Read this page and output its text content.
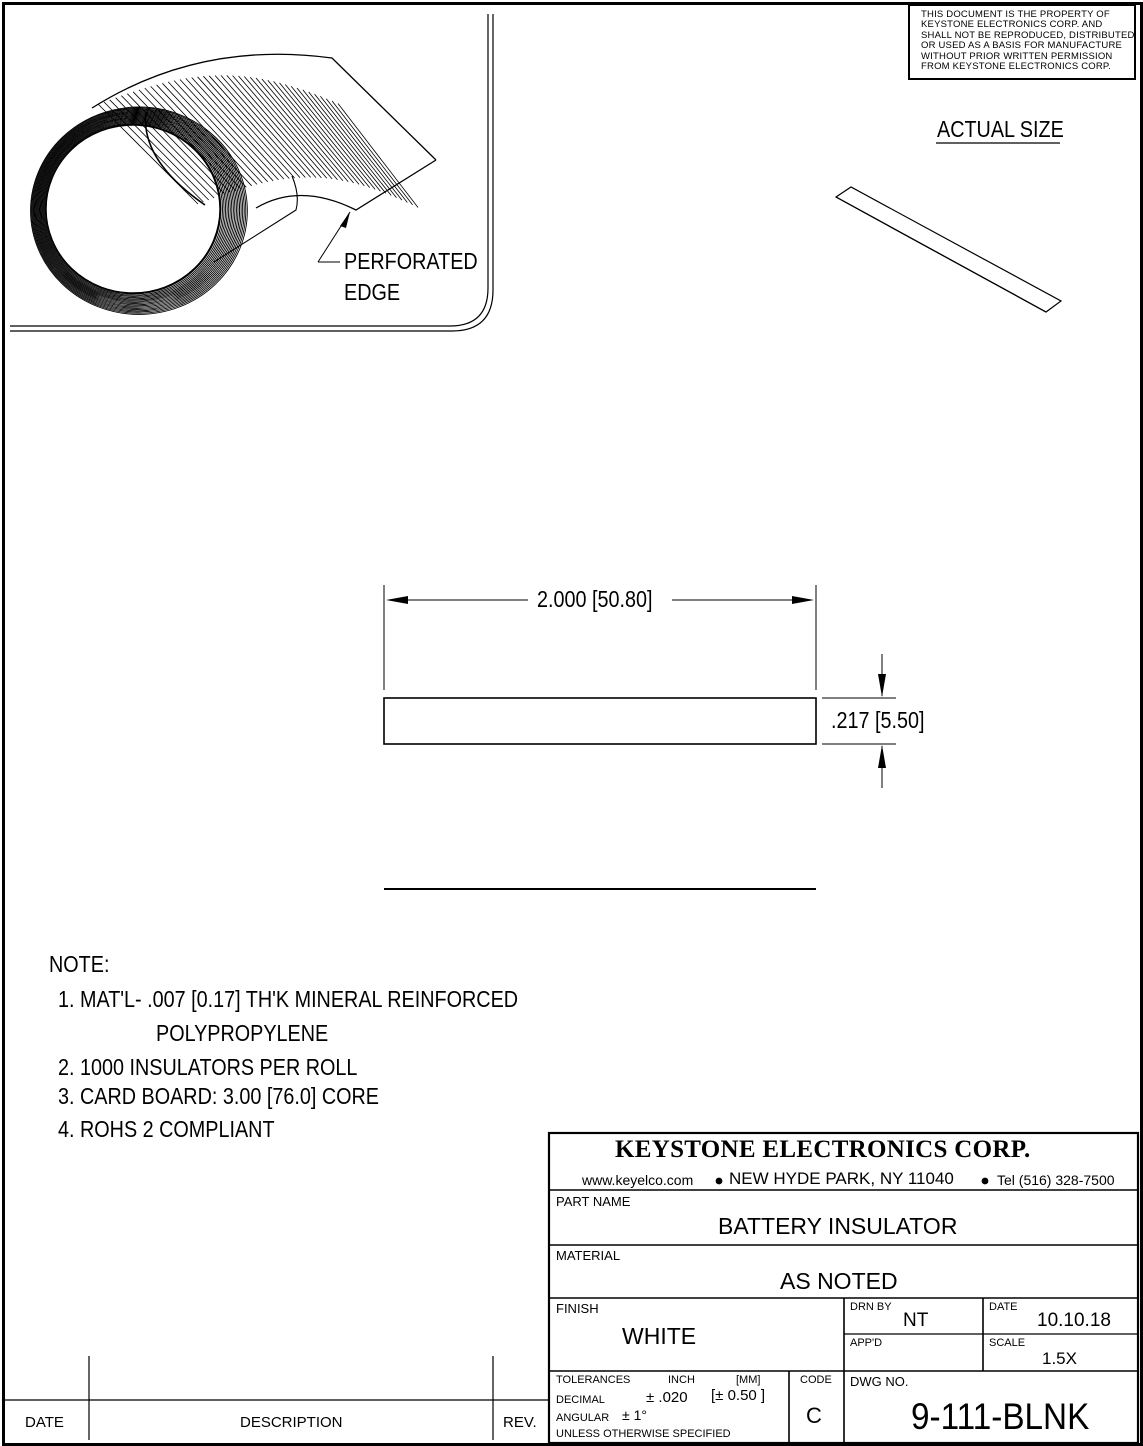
THIS DOCUMENT IS THE PROPERTY OF
KEYSTONE ELECTRONICS CORP. AND
SHALL NOT BE REPRODUCED, DISTRIBUTED
OR USED AS A BASIS FOR MANUFACTURE
WITHOUT PRIOR WRITTEN PERMISSION
FROM KEYSTONE ELECTRONICS CORP.
PERFORATED
EDGE
ACTUAL SIZE
2.000 [50.80]
.217 [5.50]
NOTE:
1. MAT'L- .007 [0.17] TH'K MINERAL REINFORCED
POLYPROPYLENE
2. 1000 INSULATORS PER ROLL
3. CARD BOARD: 3.00 [76.0] CORE
4. ROHS 2 COMPLIANT
DATE	DESCRIPTION	REV.
KEYSTONE ELECTRONICS CORP.
www.keyelco.com NEW HYDE PARK, NY 11040	Tel (516) 328-7500
PART NAME
BATTERY INSULATOR
MATERIAL
AS NOTED
FINISH
WHITE
DRN BY
NT
DATE
10.10.18
APP'D	SCALE
1.5X
TOLERANCES	INCH	[MM]
DECIMAL	± .020 [± 0.50 ]
ANGULAR ± 1°
UNLESS OTHERWISE SPECIFIED
CODE
C
DWG NO.
9-111-BLNK
